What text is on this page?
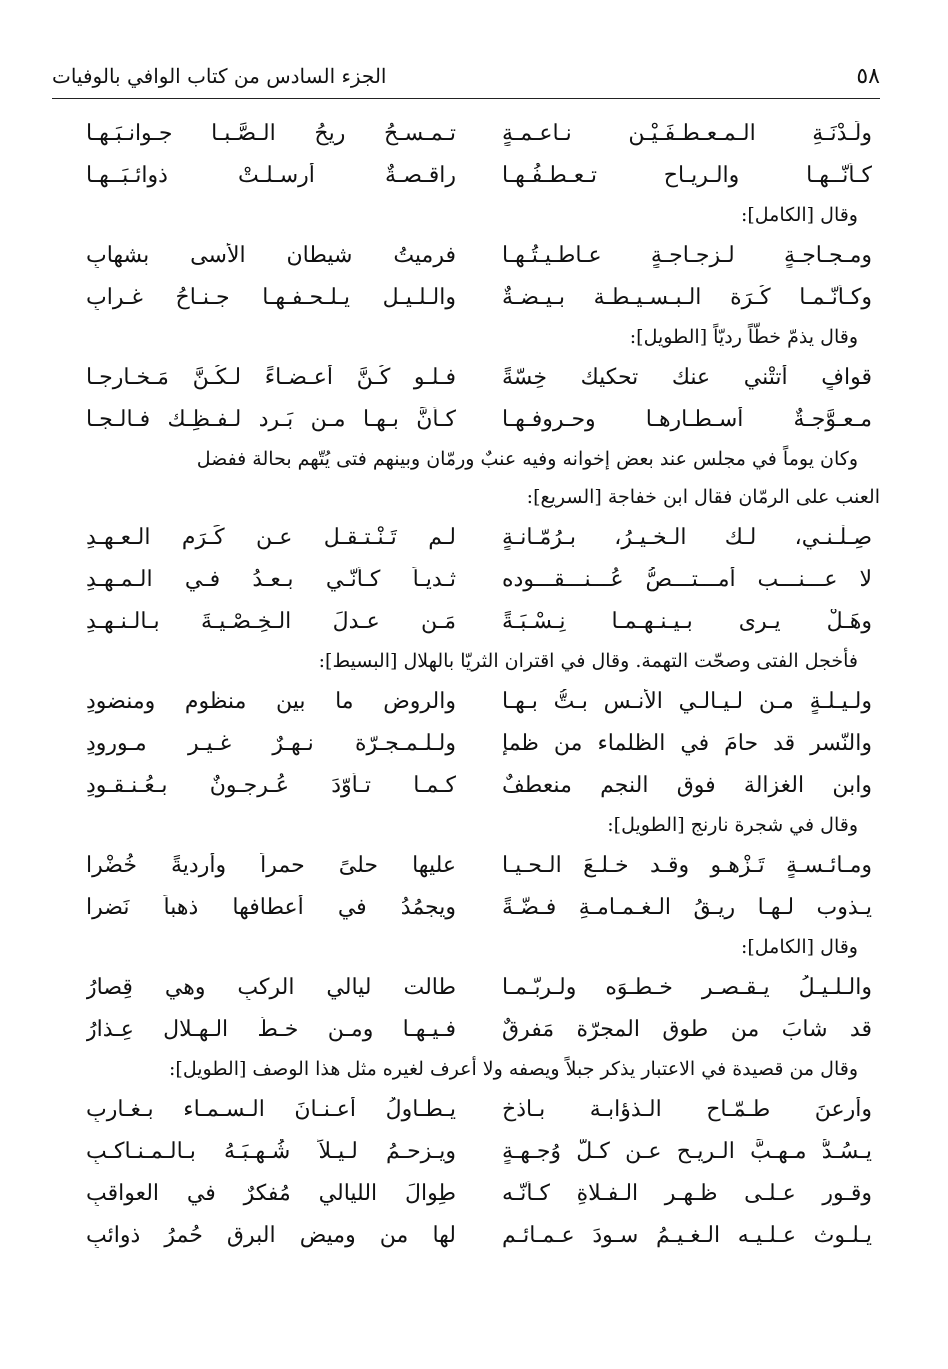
٥٨
الجزء السادس من كتاب الوافي بالوفيات
ولَـدْنَـةِ الـمـعـطـفَـيْـن نـاعـمـةٍ
تـمـسـحُ ريحُ الـصَّـبـا جـوانـبَـهـا
كـأنّــهـا والـريـاح تـعـطـفُـهـا
راقـصـةٌ أرسـلـتْ ذوائـبَــهـا
وقال [الكامل]:
ومـجـاجـةٍ لـزجـاجـةٍ عـاطـيـتُـهـا
فرميتُ شيطان الأسى بشهابِ
وكـأنّـمـا كُـرَة الـبـسـيـطـة بـيـضـةٌ
والـلـيـل يـلـحـفـهـا جـنـاحُ غـرابِ
وقال يذمّ خطّاً رديّاً [الطويل]:
قوافٍ أتتْني عنك تحكيك خِسّةً
فـلـو كُـنَّ أعـضـاءً لـكُـنَّ مَـخـارجـا
مـعـوَّجـةٌ أسـطـارهـا وحـروفـهـا
كـأنَّ بـهـا مـن بَـرد لـفـظِـك فـالـجـا
وكان يوماً في مجلس عند بعض إخوانه وفيه عنبٌ ورمّان وبينهم فتى يُتّهم بحالة ففضل
العنب على الرمّان فقال ابن خفاجة [السريع]:
صِـلْـنـي، لـك الـخـيـرُ، بـرُمّـانـةٍ
لـم تَـنْـتـقـل عـن كَـرَم الـعـهـدِ
لا عـــنـــب أمـــتـــصُّ عُـــنـــقـــوده
ثـديـاً كـأنّـي بـعـدُ فـي الـمـهـدِ
وهَـلْ يـرى بـيـنـهـمـا نِـسْـبَـةً
مَـن عـدلَ الـخِـصْـيـةَ بـالـنـهـدِ
فأخجل الفتى وصحّت التهمة. وقال في اقتران الثريّا بالهلال [البسيط]:
ولـيـلـةٍ مـن لـيـالـي الأنـس بـتُّ بـهـا
والروض ما بين منظوم ومنضودِ
والنّسر قد حامَ في الظلماء من ظمإٍ
ولـلـمـجـرّة نـهـرٌ غـيـر مـورودِ
وابن الغزالة فوق النجم منعطفٌ
كـمـا تـأوّدَ عُـرجـونٌ بـعُـنـقـودِ
وقال في شجرة نارنج [الطويل]:
ومـائـسـةٍ تَـزْهـو وقـد خـلـعَ الـحـيـا
عليها حلىً حمراً وأرديةً خُضْرا
يـذوب لـهـا ريـقُ الـغـمـامـةِ فـضّـةً
ويجمُدُ في أعطافها ذهباً نَضرا
وقال [الكامل]:
والـلـيـلُ يـقـصـر خـطـوَه ولـربّـمـا
طالت ليالي الركبِ وهي قِصارُ
قد شابَ من طوق المجرّة مَفرقٌ
فـيـهـا ومـن خـطُّ الـهـلال عِـذارُ
وقال من قصيدة في الاعتبار يذكر جبلاً ويصفه ولا أعرف لغيره مثل هذا الوصف [الطويل]:
وأرعنَ طـمّـاحِ الـذؤابـة بـاذخٍ
يـطـاولُ أعـنـانَ الـسـمـاء بـغـاربِ
يـسُـدُّ مـهـبَّ الـريـح عـن كـلّ وُجـهـةٍ
ويـزحـمُ لـيـلاً شُـهـبَـهُ بـالـمـنـاكـبِ
وقـورٍ عـلـى ظـهـرِ الـفـلاةِ كـأنّـه
طِوالَ الليالي مُفكرٌ في العواقبِ
يـلـوث عـلـيـه الـغـيـمُ سـودَ عـمـائـمٍ
لها من وميض البرقِ حُمرُ ذوائبِ
